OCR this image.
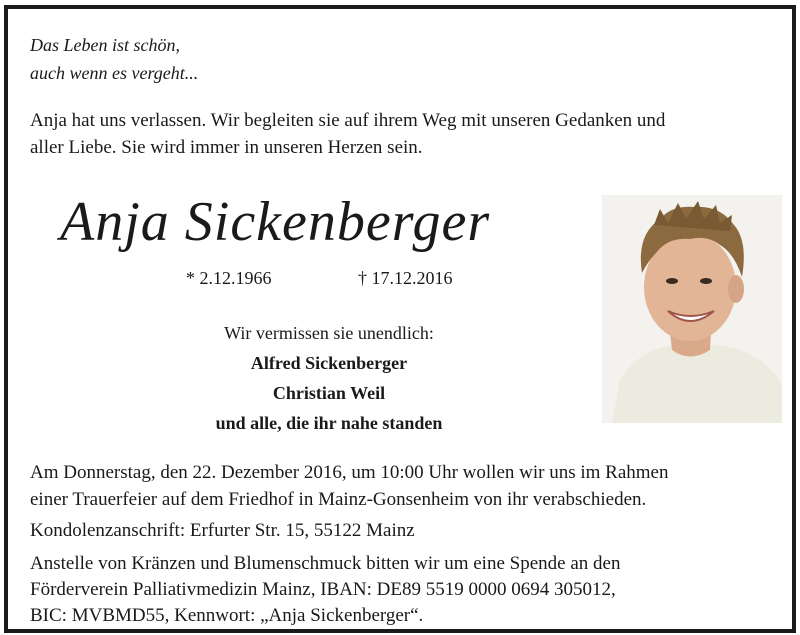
Das Leben ist schön,
auch wenn es vergeht...
Anja hat uns verlassen. Wir begleiten sie auf ihrem Weg mit unseren Gedanken und
aller Liebe. Sie wird immer in unseren Herzen sein.
Anja Sickenberger
* 2.12.1966	† 17.12.2016
Wir vermissen sie unendlich:
Alfred Sickenberger
Christian Weil
und alle, die ihr nahe standen
Am Donnerstag, den 22. Dezember 2016, um 10:00 Uhr wollen wir uns im Rahmen
einer Trauerfeier auf dem Friedhof in Mainz-Gonsenheim von ihr verabschieden.
Kondolenzanschrift: Erfurter Str. 15, 55122 Mainz
Anstelle von Kränzen und Blumenschmuck bitten wir um eine Spende an den
Förderverein Palliativmedizin Mainz, IBAN: DE89 5519 0000 0694 305012,
BIC: MVBMD55, Kennwort: „Anja Sickenberger“.
